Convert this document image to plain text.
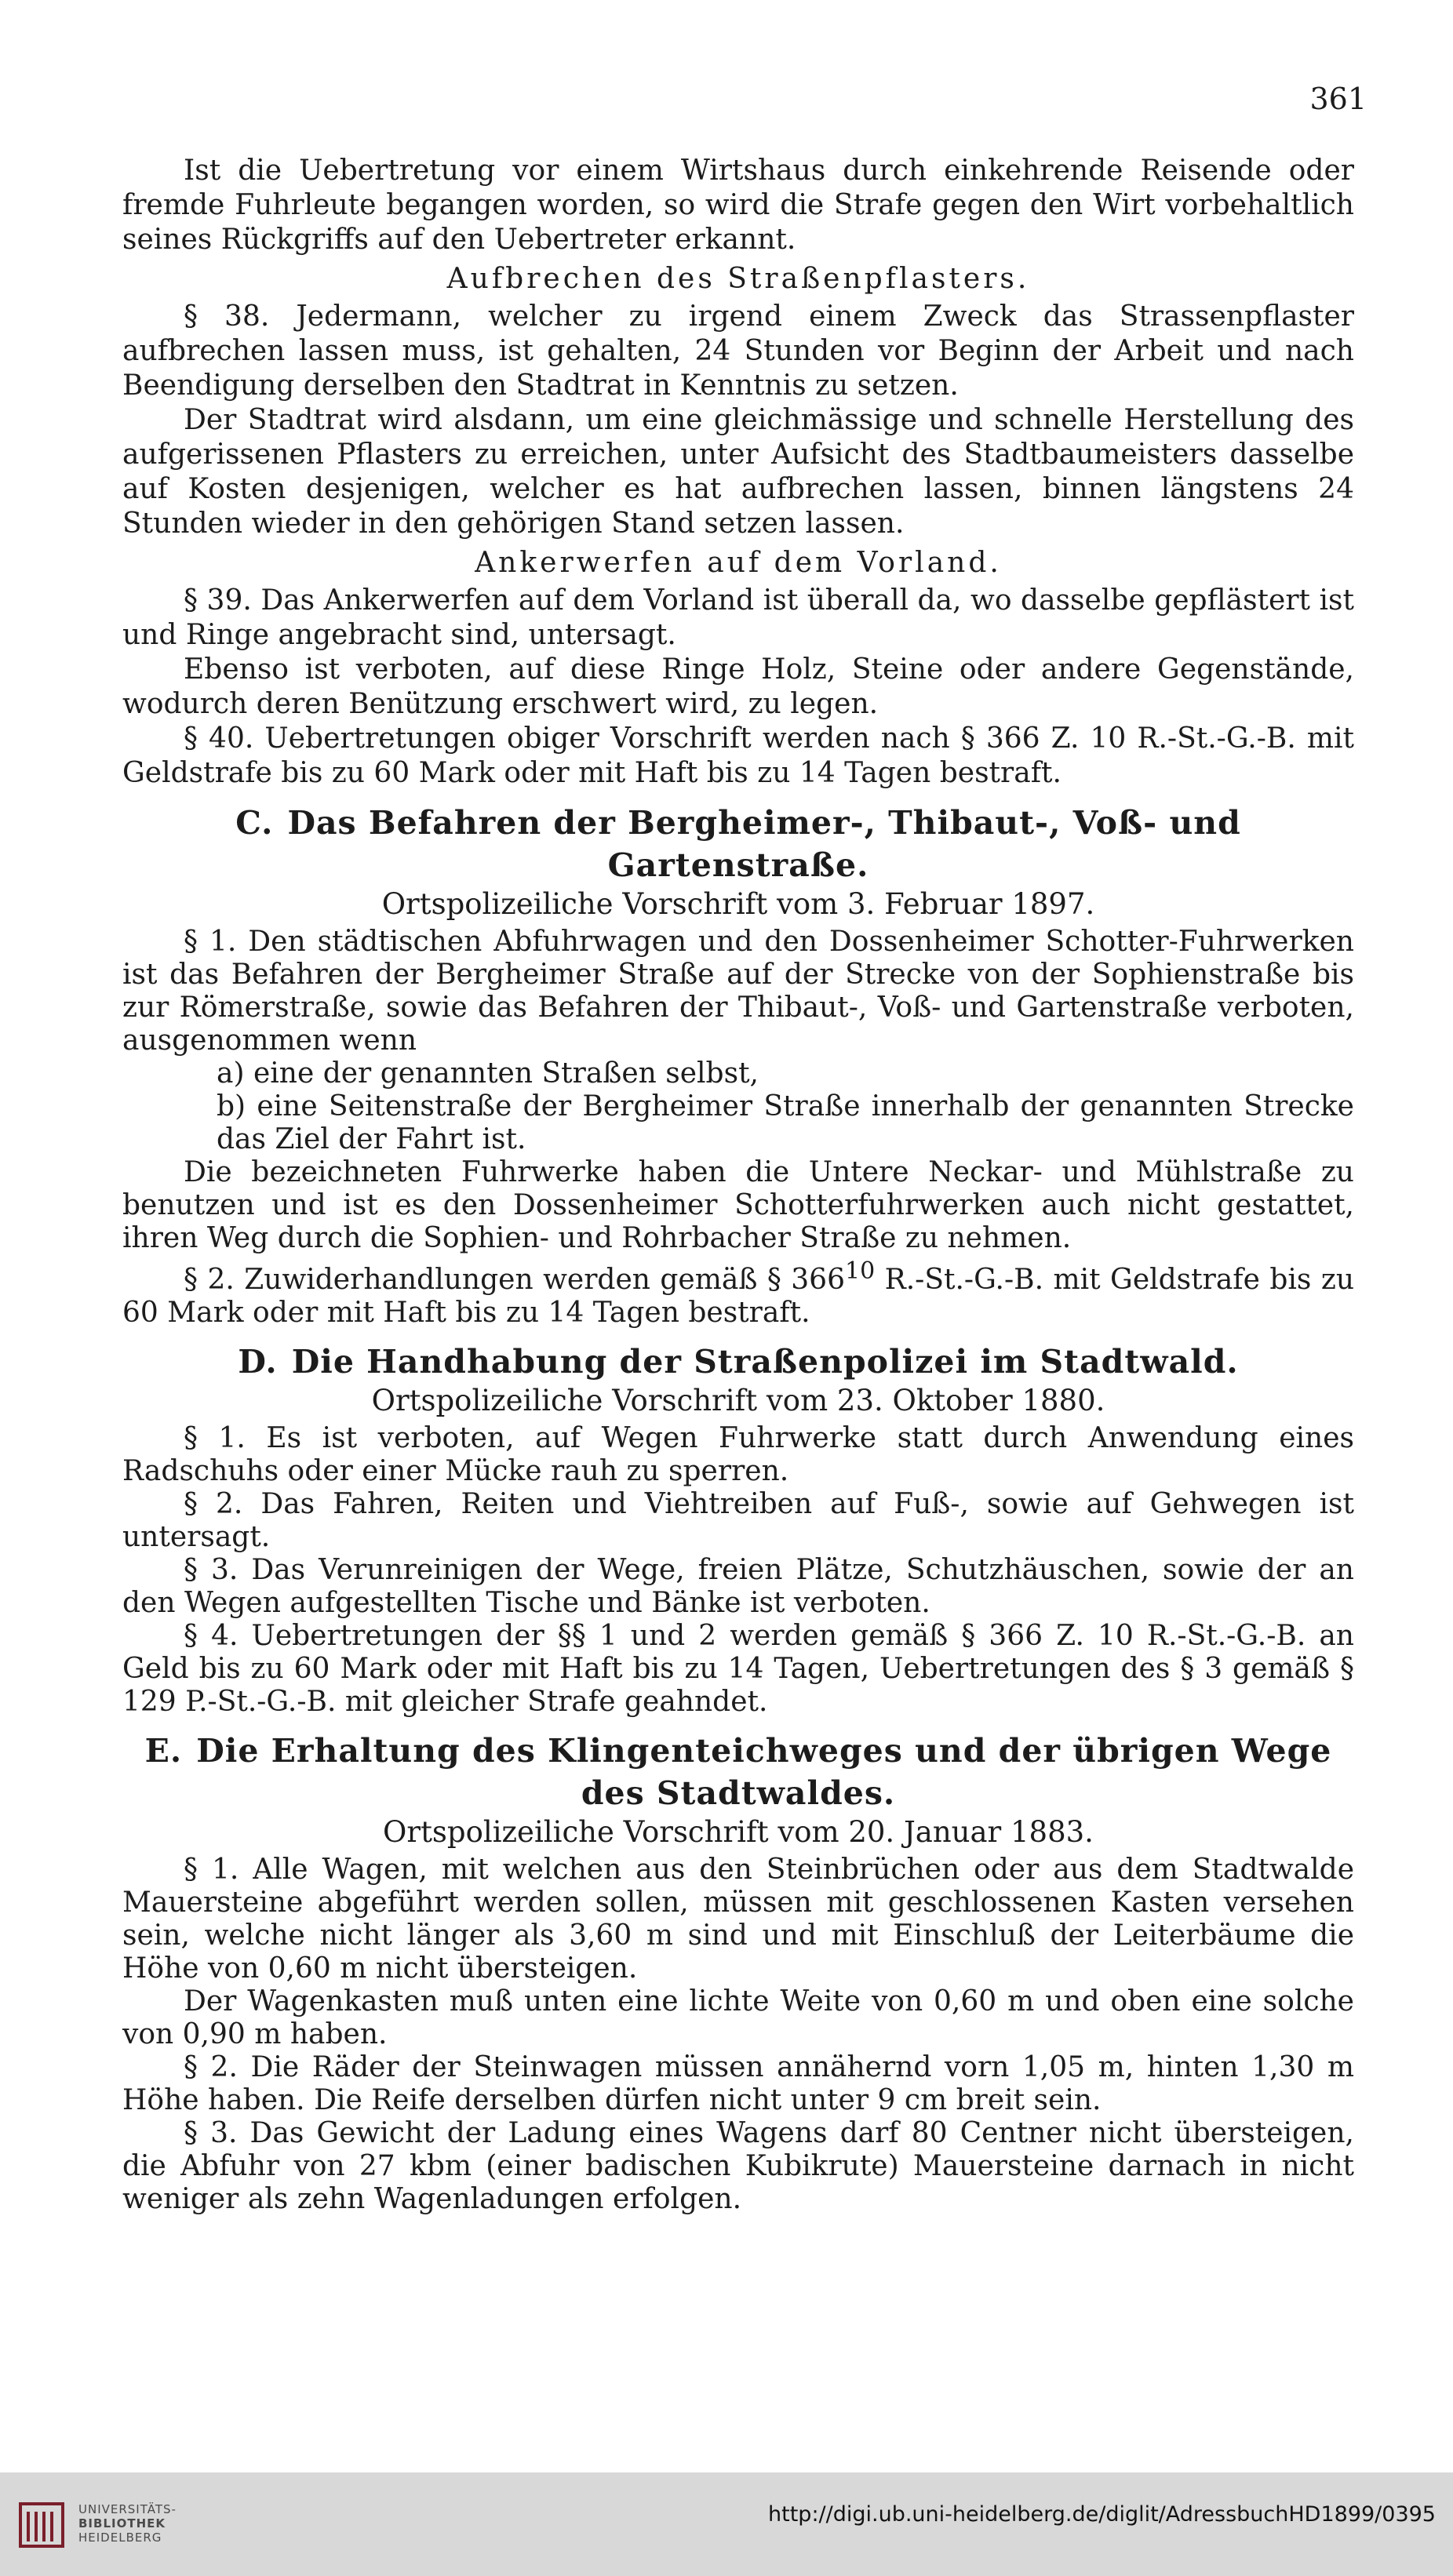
361

Ist die Uebertretung vor einem Wirtshaus durch einkehrende Reisende oder fremde Fuhrleute begangen worden, so wird die Strafe gegen den Wirt vorbehaltlich seines Rückgriffs auf den Uebertreter erkannt.

Aufbrechen des Straßenpflasters.

§ 38. Jedermann, welcher zu irgend einem Zweck das Strassenpflaster aufbrechen lassen muss, ist gehalten, 24 Stunden vor Beginn der Arbeit und nach Beendigung derselben den Stadtrat in Kenntnis zu setzen.

Der Stadtrat wird alsdann, um eine gleichmässige und schnelle Herstellung des aufgerissenen Pflasters zu erreichen, unter Aufsicht des Stadtbaumeisters dasselbe auf Kosten desjenigen, welcher es hat aufbrechen lassen, binnen längstens 24 Stunden wieder in den gehörigen Stand setzen lassen.

Ankerwerfen auf dem Vorland.

§ 39. Das Ankerwerfen auf dem Vorland ist überall da, wo dasselbe gepflästert ist und Ringe angebracht sind, untersagt.

Ebenso ist verboten, auf diese Ringe Holz, Steine oder andere Gegenstände, wodurch deren Benützung erschwert wird, zu legen.

§ 40. Uebertretungen obiger Vorschrift werden nach § 366 Z. 10 R.-St.-G.-B. mit Geldstrafe bis zu 60 Mark oder mit Haft bis zu 14 Tagen bestraft.

C. Das Befahren der Bergheimer-, Thibaut-, Voß- und Gartenstraße.
Ortspolizeiliche Vorschrift vom 3. Februar 1897.

§ 1. Den städtischen Abfuhrwagen und den Dossenheimer Schotter-Fuhrwerken ist das Befahren der Bergheimer Straße auf der Strecke von der Sophienstraße bis zur Römerstraße, sowie das Befahren der Thibaut-, Voß- und Gartenstraße verboten, ausgenommen wenn

a) eine der genannten Straßen selbst,

b) eine Seitenstraße der Bergheimer Straße innerhalb der genannten Strecke das Ziel der Fahrt ist.

Die bezeichneten Fuhrwerke haben die Untere Neckar- und Mühlstraße zu benutzen und ist es den Dossenheimer Schotterfuhrwerken auch nicht gestattet, ihren Weg durch die Sophien- und Rohrbacher Straße zu nehmen.

§ 2. Zuwiderhandlungen werden gemäß § $366^{10}$ R.-St.-G.-B. mit Geldstrafe bis zu 60 Mark oder mit Haft bis zu 14 Tagen bestraft.

D. Die Handhabung der Straßenpolizei im Stadtwald.
Ortspolizeiliche Vorschrift vom 23. Oktober 1880.

§ 1. Es ist verboten, auf Wegen Fuhrwerke statt durch Anwendung eines Radschuhs oder einer Mücke rauh zu sperren.

§ 2. Das Fahren, Reiten und Viehtreiben auf Fuß-, sowie auf Gehwegen ist untersagt.

§ 3. Das Verunreinigen der Wege, freien Plätze, Schutzhäuschen, sowie der an den Wegen aufgestellten Tische und Bänke ist verboten.

§ 4. Uebertretungen der §§ 1 und 2 werden gemäß § 366 Z. 10 R.-St.-G.-B. an Geld bis zu 60 Mark oder mit Haft bis zu 14 Tagen, Uebertretungen des § 3 gemäß § 129 P.-St.-G.-B. mit gleicher Strafe geahndet.

E. Die Erhaltung des Klingenteichweges und der übrigen Wege des Stadtwaldes.
Ortspolizeiliche Vorschrift vom 20. Januar 1883.

§ 1. Alle Wagen, mit welchen aus den Steinbrüchen oder aus dem Stadtwalde Mauersteine abgeführt werden sollen, müssen mit geschlossenen Kasten versehen sein, welche nicht länger als 3,60 m sind und mit Einschluß der Leiterbäume die Höhe von 0,60 m nicht übersteigen.

Der Wagenkasten muß unten eine lichte Weite von 0,60 m und oben eine solche von 0,90 m haben.

§ 2. Die Räder der Steinwagen müssen annähernd vorn 1,05 m, hinten 1,30 m Höhe haben. Die Reife derselben dürfen nicht unter 9 cm breit sein.

§ 3. Das Gewicht der Ladung eines Wagens darf 80 Centner nicht übersteigen, die Abfuhr von 27 kbm (einer badischen Kubikrute) Mauersteine darnach in nicht weniger als zehn Wagenladungen erfolgen.

UNIVERSITÄTS-
BIBLIOTHEK
HEIDELBERG
http://digi.ub.uni-heidelberg.de/diglit/AdressbuchHD1899/0395
